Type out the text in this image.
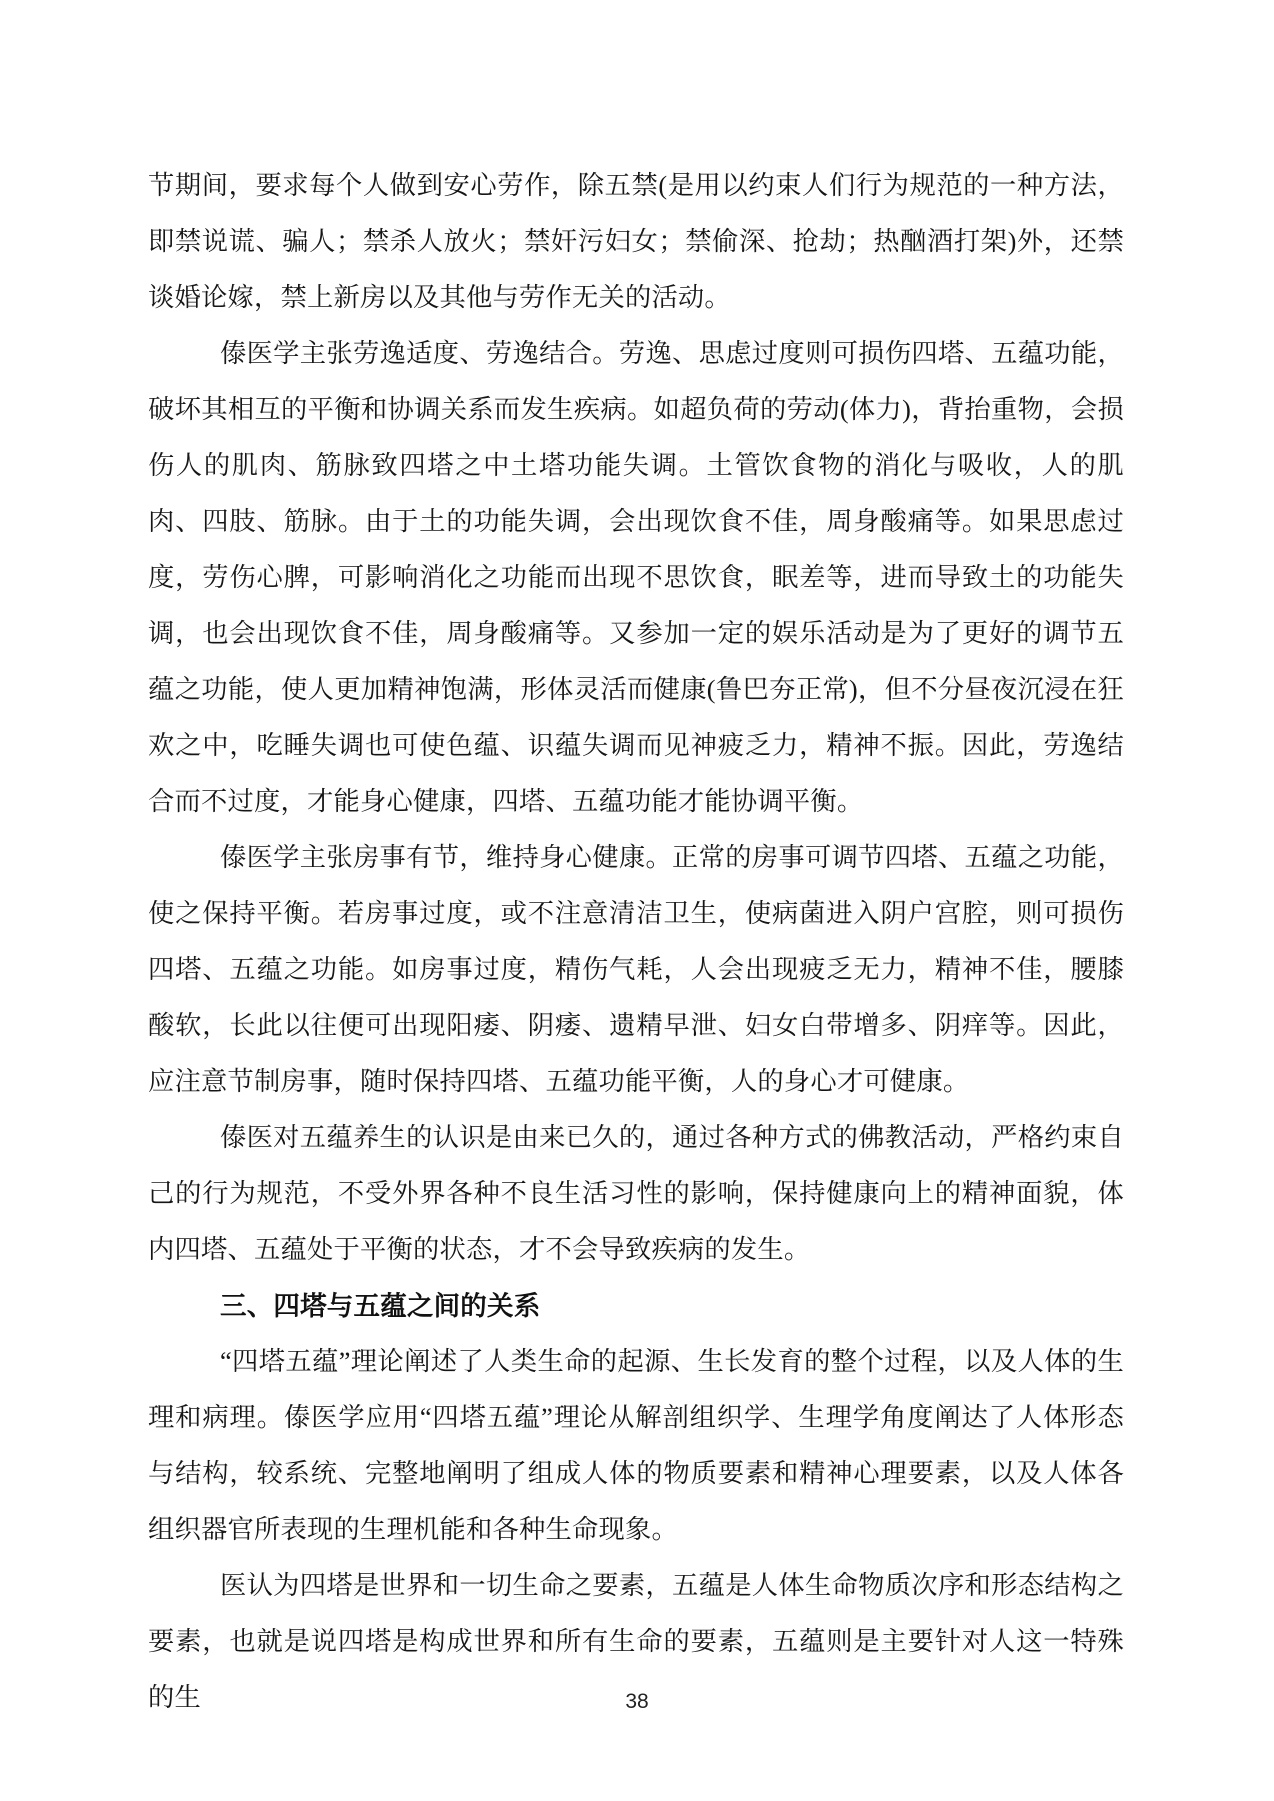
节期间，要求每个人做到安心劳作，除五禁(是用以约束人们行为规范的一种方法，即禁说谎、骗人；禁杀人放火；禁奸污妇女；禁偷深、抢劫；热酗酒打架)外，还禁谈婚论嫁，禁上新房以及其他与劳作无关的活动。

傣医学主张劳逸适度、劳逸结合。劳逸、思虑过度则可损伤四塔、五蕴功能，破坏其相互的平衡和协调关系而发生疾病。如超负荷的劳动(体力)，背抬重物，会损伤人的肌肉、筋脉致四塔之中土塔功能失调。土管饮食物的消化与吸收，人的肌肉、四肢、筋脉。由于土的功能失调，会出现饮食不佳，周身酸痛等。如果思虑过度，劳伤心脾，可影响消化之功能而出现不思饮食，眠差等，进而导致土的功能失调，也会出现饮食不佳，周身酸痛等。又参加一定的娱乐活动是为了更好的调节五蕴之功能，使人更加精神饱满，形体灵活而健康(鲁巴夯正常)，但不分昼夜沉浸在狂欢之中，吃睡失调也可使色蕴、识蕴失调而见神疲乏力，精神不振。因此，劳逸结合而不过度，才能身心健康，四塔、五蕴功能才能协调平衡。

傣医学主张房事有节，维持身心健康。正常的房事可调节四塔、五蕴之功能，使之保持平衡。若房事过度，或不注意清洁卫生，使病菌进入阴户宫腔，则可损伤四塔、五蕴之功能。如房事过度，精伤气耗，人会出现疲乏无力，精神不佳，腰膝酸软，长此以往便可出现阳痿、阴痿、遗精早泄、妇女白带增多、阴痒等。因此，应注意节制房事，随时保持四塔、五蕴功能平衡，人的身心才可健康。

傣医对五蕴养生的认识是由来已久的，通过各种方式的佛教活动，严格约束自己的行为规范，不受外界各种不良生活习性的影响，保持健康向上的精神面貌，体内四塔、五蕴处于平衡的状态，才不会导致疾病的发生。

三、四塔与五蕴之间的关系

“四塔五蕴”理论阐述了人类生命的起源、生长发育的整个过程，以及人体的生理和病理。傣医学应用“四塔五蕴”理论从解剖组织学、生理学角度阐达了人体形态与结构，较系统、完整地阐明了组成人体的物质要素和精神心理要素，以及人体各组织器官所表现的生理机能和各种生命现象。

医认为四塔是世界和一切生命之要素，五蕴是人体生命物质次序和形态结构之要素，也就是说四塔是构成世界和所有生命的要素，五蕴则是主要针对人这一特殊的生	38
